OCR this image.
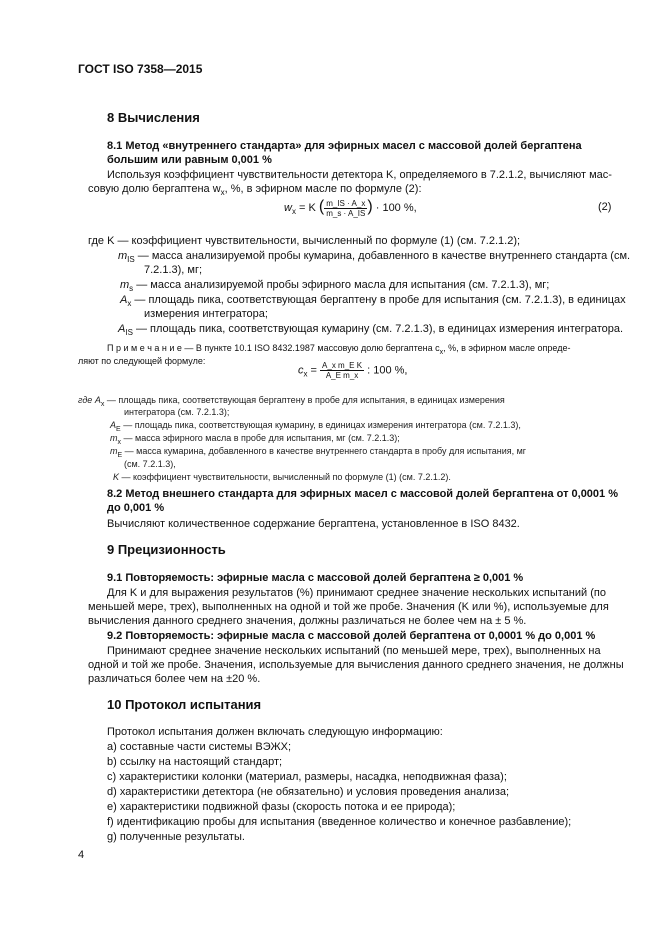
ГОСТ ISO 7358—2015
8 Вычисления
8.1 Метод «внутреннего стандарта» для эфирных масел с массовой долей бергаптена
большим или равным 0,001 %
Используя коэффициент чувствительности детектора K, определяемого в 7.2.1.2, вычисляют мас-
совую долю бергаптена $w_x$, %, в эфирном масле по формуле (2):
$w_x = K$ ( $\frac{m\_IS \cdot A\_x}{m\_s \cdot A\_IS}$ ) · 100 %,	(2)
где K — коэффициент чувствительности, вычисленный по формуле (1) (см. 7.2.1.2);
$m_{IS}$ — масса анализируемой пробы кумарина, добавленного в качестве внутреннего стандарта (см.
7.2.1.3), мг;
$m_s$ — масса анализируемой пробы эфирного масла для испытания (см. 7.2.1.3), мг;
$A_x$ — площадь пика, соответствующая бергаптену в пробе для испытания (см. 7.2.1.3), в единицах
измерения интегратора;
$A_{IS}$ — площадь пика, соответствующая кумарину (см. 7.2.1.3), в единицах измерения интегратора.
П р и м е ч а н и е — В пункте 10.1 ISO 8432.1987 массовую долю бергаптена $c_x$, %, в эфирном масле опреде-
ляют по следующей формуле:
$c_x = \frac{\text{A\_x m\_E K}}{\text{A\_E m\_x}}$ : 100 %,
где $A_x$ — площадь пика, соответствующая бергаптену в пробе для испытания, в единицах измерения
интегратора (см. 7.2.1.3);
$A_E$ — площадь пика, соответствующая кумарину, в единицах измерения интегратора (см. 7.2.1.3),
$m_x$ — масса эфирного масла в пробе для испытания, мг (см. 7.2.1.3);
$m_E$ — масса кумарина, добавленного в качестве внутреннего стандарта в пробу для испытания, мг
(см. 7.2.1.3),
K — коэффициент чувствительности, вычисленный по формуле (1) (см. 7.2.1.2).
8.2 Метод внешнего стандарта для эфирных масел с массовой долей бергаптена от 0,0001 %
до 0,001 %
Вычисляют количественное содержание бергаптена, установленное в ISO 8432.
9 Прецизионность
9.1 Повторяемость: эфирные масла с массовой долей бергаптена ≥ 0,001 %
Для K и для выражения результатов (%) принимают среднее значение нескольких испытаний (по
меньшей мере, трех), выполненных на одной и той же пробе. Значения (K или %), используемые для
вычисления данного среднего значения, должны различаться не более чем на ± 5 %.
9.2 Повторяемость: эфирные масла с массовой долей бергаптена от 0,0001 % до 0,001 %
Принимают среднее значение нескольких испытаний (по меньшей мере, трех), выполненных на
одной и той же пробе. Значения, используемые для вычисления данного среднего значения, не должны
различаться более чем на ±20 %.
10 Протокол испытания
Протокол испытания должен включать следующую информацию:
a) составные части системы ВЭЖХ;
b) ссылку на настоящий стандарт;
c) характеристики колонки (материал, размеры, насадка, неподвижная фаза);
d) характеристики детектора (не обязательно) и условия проведения анализа;
e) характеристики подвижной фазы (скорость потока и ее природа);
f) идентификацию пробы для испытания (введенное количество и конечное разбавление);
g) полученные результаты.
4
